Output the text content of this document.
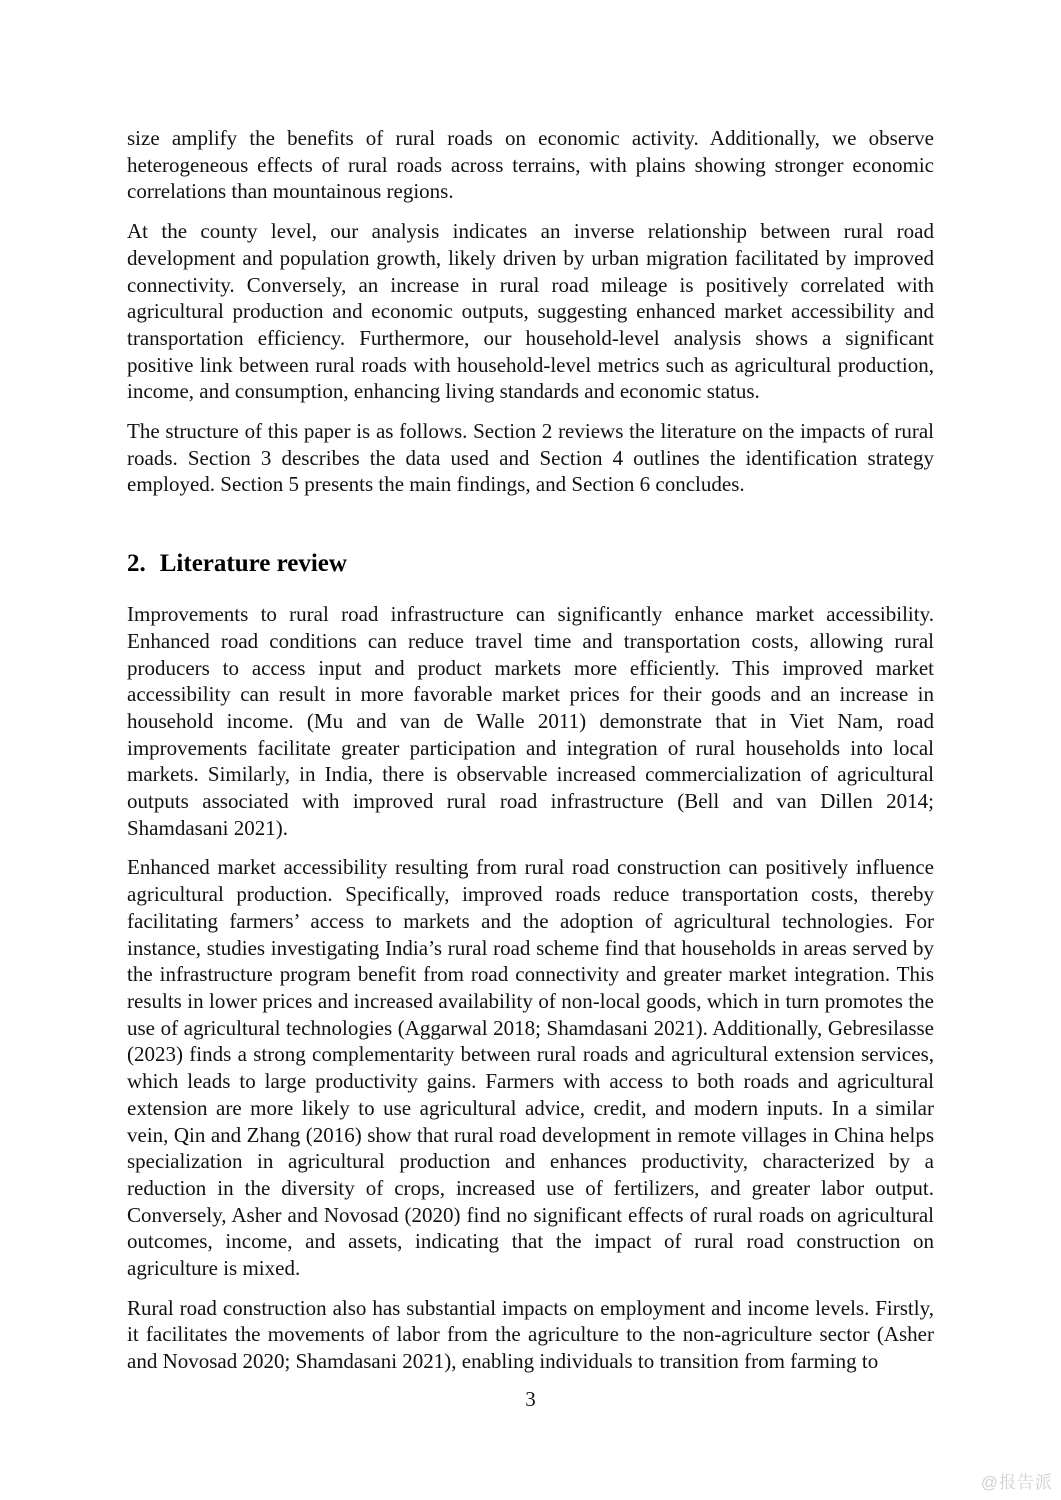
size amplify the benefits of rural roads on economic activity. Additionally, we observe heterogeneous effects of rural roads across terrains, with plains showing stronger economic correlations than mountainous regions.

At the county level, our analysis indicates an inverse relationship between rural road development and population growth, likely driven by urban migration facilitated by improved connectivity. Conversely, an increase in rural road mileage is positively correlated with agricultural production and economic outputs, suggesting enhanced market accessibility and transportation efficiency. Furthermore, our household-level analysis shows a significant positive link between rural roads with household-level metrics such as agricultural production, income, and consumption, enhancing living standards and economic status.

The structure of this paper is as follows. Section 2 reviews the literature on the impacts of rural roads. Section 3 describes the data used and Section 4 outlines the identification strategy employed. Section 5 presents the main findings, and Section 6 concludes.

2. Literature review

Improvements to rural road infrastructure can significantly enhance market accessibility. Enhanced road conditions can reduce travel time and transportation costs, allowing rural producers to access input and product markets more efficiently. This improved market accessibility can result in more favorable market prices for their goods and an increase in household income. (Mu and van de Walle 2011) demonstrate that in Viet Nam, road improvements facilitate greater participation and integration of rural households into local markets. Similarly, in India, there is observable increased commercialization of agricultural outputs associated with improved rural road infrastructure (Bell and van Dillen 2014; Shamdasani 2021).

Enhanced market accessibility resulting from rural road construction can positively influence agricultural production. Specifically, improved roads reduce transportation costs, thereby facilitating farmers’ access to markets and the adoption of agricultural technologies. For instance, studies investigating India’s rural road scheme find that households in areas served by the infrastructure program benefit from road connectivity and greater market integration. This results in lower prices and increased availability of non-local goods, which in turn promotes the use of agricultural technologies (Aggarwal 2018; Shamdasani 2021). Additionally, Gebresilasse (2023) finds a strong complementarity between rural roads and agricultural extension services, which leads to large productivity gains. Farmers with access to both roads and agricultural extension are more likely to use agricultural advice, credit, and modern inputs. In a similar vein, Qin and Zhang (2016) show that rural road development in remote villages in China helps specialization in agricultural production and enhances productivity, characterized by a reduction in the diversity of crops, increased use of fertilizers, and greater labor output. Conversely, Asher and Novosad (2020) find no significant effects of rural roads on agricultural outcomes, income, and assets, indicating that the impact of rural road construction on agriculture is mixed.

Rural road construction also has substantial impacts on employment and income levels. Firstly, it facilitates the movements of labor from the agriculture to the non-agriculture sector (Asher and Novosad 2020; Shamdasani 2021), enabling individuals to transition from farming to

3
@报告派
